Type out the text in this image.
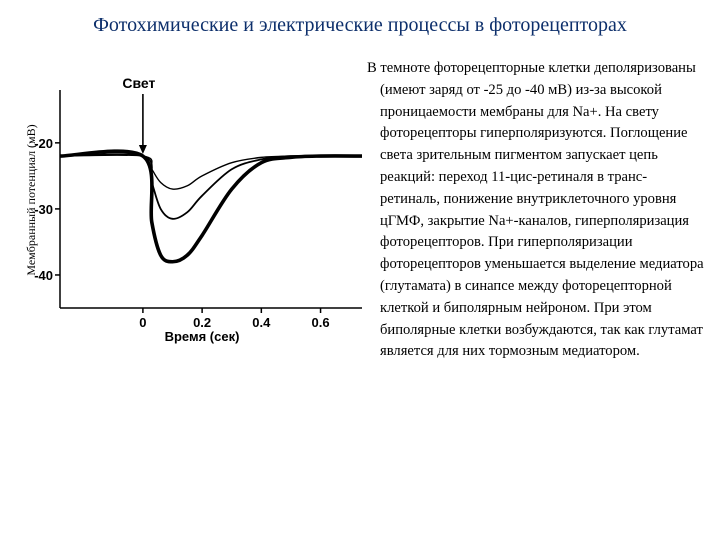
Фотохимические и электрические процессы в фоторецепторах
-20
-30
-40
0	0.2	0.4	0.6
Свет
Мембранный потенциал (мВ)
Время (сек)
В темноте фоторецепторные клетки деполяризованы (имеют заряд от -25 до -40 мВ) из-за высокой проницаемости мембраны для Na+. На свету фоторецепторы гиперполяризуются. Поглощение света зрительным пигментом запускает цепь реакций: переход 11-цис-ретиналя в транс-ретиналь, понижение внутриклеточного уровня цГМФ, закрытие Na+-каналов, гиперполяризация фоторецепторов. При гиперполяризации фоторецепторов уменьшается выделение медиатора (глутамата) в синапсе между фоторецепторной клеткой и биполярным нейроном. При этом биполярные клетки возбуждаются, так как глутамат является для них тормозным медиатором.
